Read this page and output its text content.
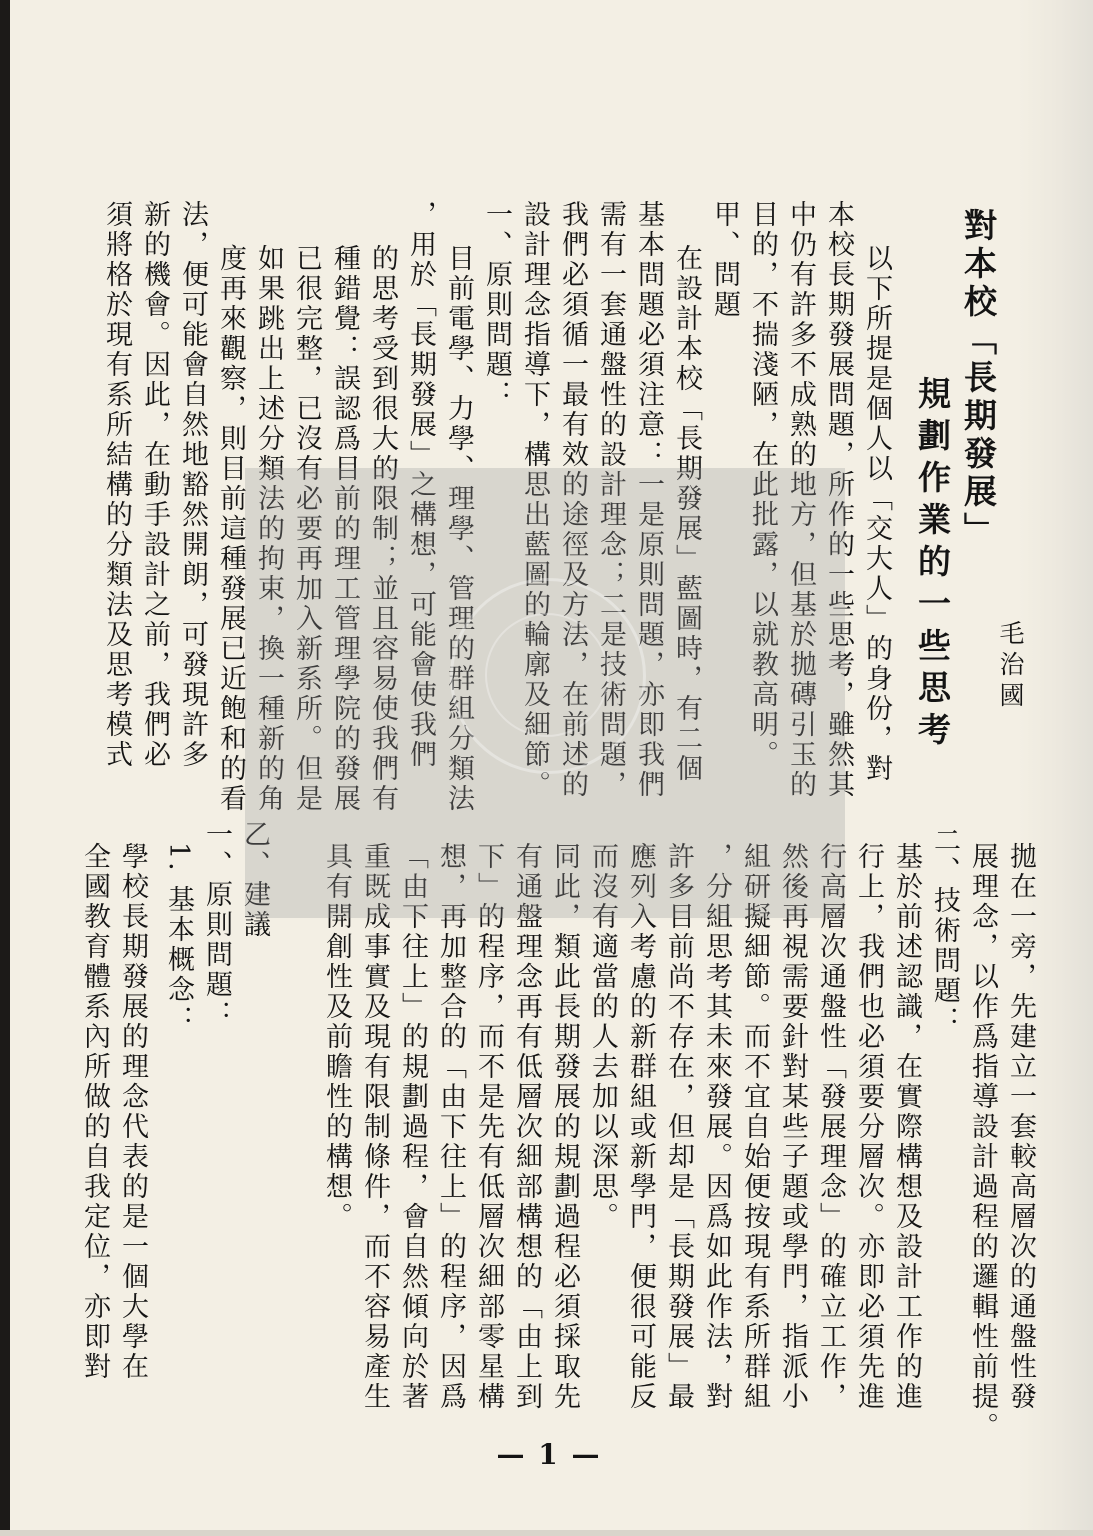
對本校「長期發展」
規劃作業的一些思考 毛治國
以下所提是個人以「交大人」的身份，對
本校長期發展問題，所作的一些思考，雖然其
中仍有許多不成熟的地方，但基於拋磚引玉的
目的，不揣淺陋，在此批露，以就教高明。
甲、問題
在設計本校「長期發展」藍圖時，有二個
基本問題必須注意：一是原則問題，亦即我們
需有一套通盤性的設計理念；二是技術問題，
我們必須循一最有效的途徑及方法，在前述的
設計理念指導下，構思出藍圖的輪廓及細節。
一、原則問題：
目前電學、力學、理學、管理的群組分類法
，用於「長期發展」之構想，可能會使我們
的思考受到很大的限制；並且容易使我們有
種錯覺：誤認爲目前的理工管理學院的發展
已很完整，已沒有必要再加入新系所。但是
如果跳出上述分類法的拘束，換一種新的角
度再來觀察，則目前這種發展已近飽和的看
法，便可能會自然地豁然開朗，可發現許多
新的機會。因此，在動手設計之前，我們必
須將格於現有系所結構的分類法及思考模式
拋在一旁，先建立一套較高層次的通盤性發
展理念，以作爲指導設計過程的邏輯性前提。
二、技術問題：
基於前述認識，在實際構想及設計工作的進
行上，我們也必須要分層次。亦即必須先進
行高層次通盤性「發展理念」的確立工作，
然後再視需要針對某些子題或學門，指派小
組研擬細節。而不宜自始便按現有系所群組
，分組思考其未來發展。因爲如此作法，對
許多目前尚不存在，但却是「長期發展」最
應列入考慮的新群組或新學門，便很可能反
而沒有適當的人去加以深思。
同此，類此長期發展的規劃過程必須採取先
有通盤理念再有低層次細部構想的「由上到
下」的程序，而不是先有低層次細部零星構
想，再加整合的「由下往上」的程序，因爲
「由下往上」的規劃過程，會自然傾向於著
重既成事實及現有限制條件，而不容易產生
具有開創性及前瞻性的構想。
乙、建議
一、原則問題：
1. 基本概念：
學校長期發展的理念代表的是一個大學在
全國教育體系內所做的自我定位，亦即對
— 1 —
